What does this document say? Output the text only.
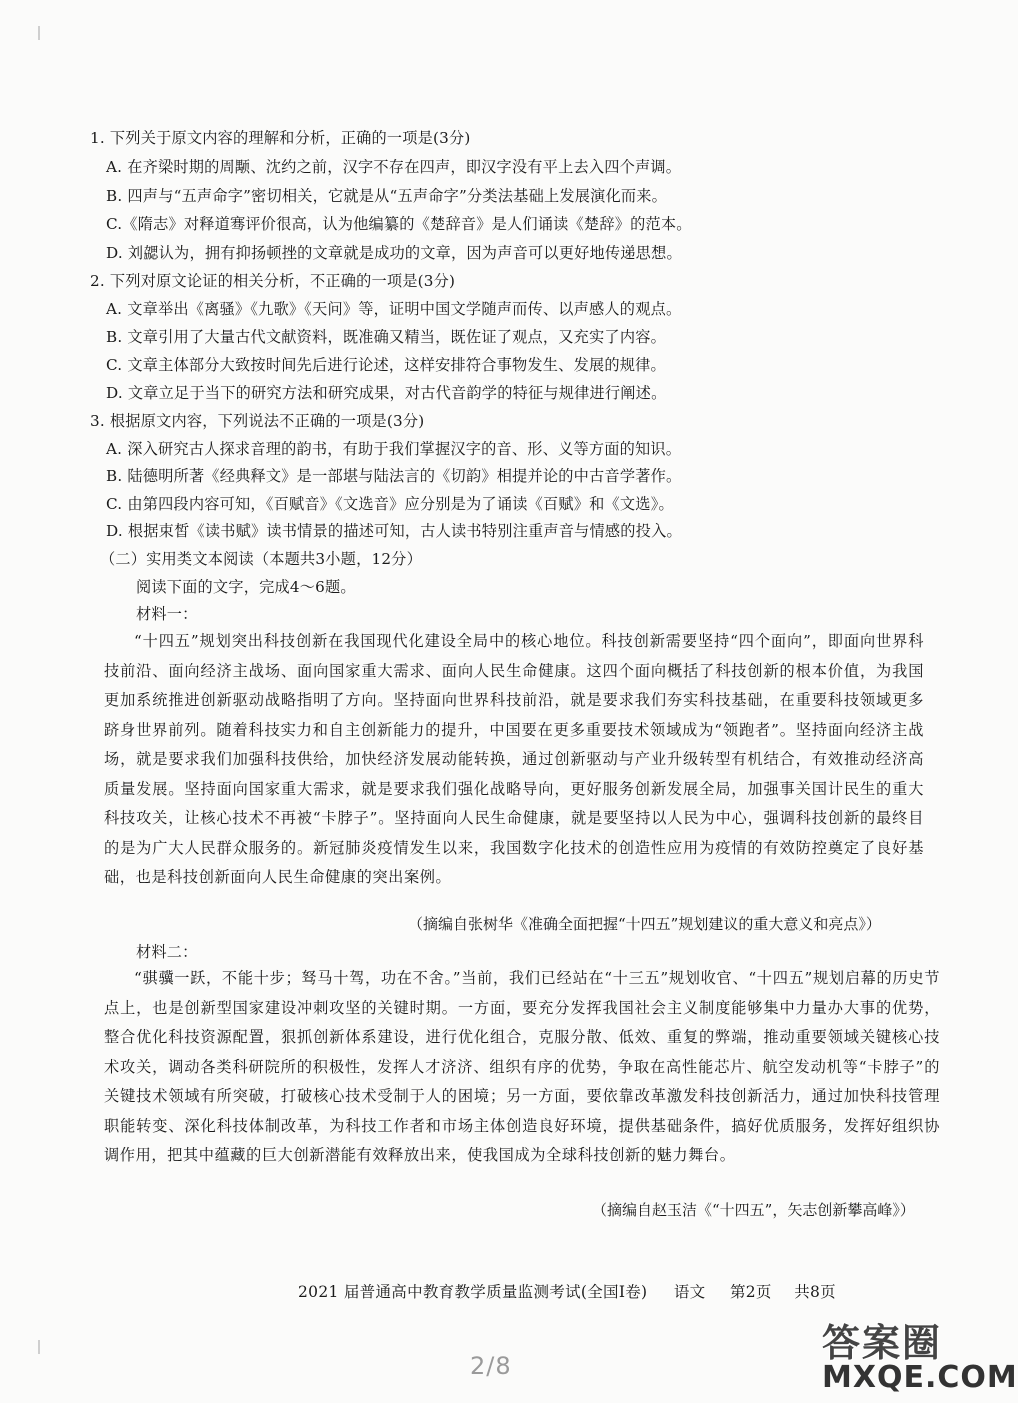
1. 下列关于原文内容的理解和分析，正确的一项是(3分)
A. 在齐梁时期的周颙、沈约之前，汉字不存在四声，即汉字没有平上去入四个声调。
B. 四声与“五声命字”密切相关，它就是从“五声命字”分类法基础上发展演化而来。
C.《隋志》对释道骞评价很高，认为他编纂的《楚辞音》是人们诵读《楚辞》的范本。
D. 刘勰认为，拥有抑扬顿挫的文章就是成功的文章，因为声音可以更好地传递思想。
2. 下列对原文论证的相关分析，不正确的一项是(3分)
A. 文章举出《离骚》《九歌》《天问》等，证明中国文学随声而传、以声感人的观点。
B. 文章引用了大量古代文献资料，既准确又精当，既佐证了观点，又充实了内容。
C. 文章主体部分大致按时间先后进行论述，这样安排符合事物发生、发展的规律。
D. 文章立足于当下的研究方法和研究成果，对古代音韵学的特征与规律进行阐述。
3. 根据原文内容，下列说法不正确的一项是(3分)
A. 深入研究古人探求音理的韵书，有助于我们掌握汉字的音、形、义等方面的知识。
B. 陆德明所著《经典释文》是一部堪与陆法言的《切韵》相提并论的中古音学著作。
C. 由第四段内容可知，《百赋音》《文选音》应分别是为了诵读《百赋》和《文选》。
D. 根据束皙《读书赋》读书情景的描述可知，古人读书特别注重声音与情感的投入。
（二）实用类文本阅读（本题共3小题，12分）
阅读下面的文字，完成4～6题。
材料一：
“十四五”规划突出科技创新在我国现代化建设全局中的核心地位。科技创新需要坚持“四个面向”，即面向世界科技前沿、面向经济主战场、面向国家重大需求、面向人民生命健康。这四个面向概括了科技创新的根本价值，为我国更加系统推进创新驱动战略指明了方向。坚持面向世界科技前沿，就是要求我们夯实科技基础，在重要科技领域更多跻身世界前列。随着科技实力和自主创新能力的提升，中国要在更多重要技术领域成为“领跑者”。坚持面向经济主战场，就是要求我们加强科技供给，加快经济发展动能转换，通过创新驱动与产业升级转型有机结合，有效推动经济高质量发展。坚持面向国家重大需求，就是要求我们强化战略导向，更好服务创新发展全局，加强事关国计民生的重大科技攻关，让核心技术不再被“卡脖子”。坚持面向人民生命健康，就是要坚持以人民为中心，强调科技创新的最终目的是为广大人民群众服务的。新冠肺炎疫情发生以来，我国数字化技术的创造性应用为疫情的有效防控奠定了良好基础，也是科技创新面向人民生命健康的突出案例。
（摘编自张树华《准确全面把握“十四五”规划建议的重大意义和亮点》）
材料二：
“骐骥一跃，不能十步；驽马十驾，功在不舍。”当前，我们已经站在“十三五”规划收官、“十四五”规划启幕的历史节点上，也是创新型国家建设冲刺攻坚的关键时期。一方面，要充分发挥我国社会主义制度能够集中力量办大事的优势，整合优化科技资源配置，狠抓创新体系建设，进行优化组合，克服分散、低效、重复的弊端，推动重要领域关键核心技术攻关，调动各类科研院所的积极性，发挥人才济济、组织有序的优势，争取在高性能芯片、航空发动机等“卡脖子”的关键技术领域有所突破，打破核心技术受制于人的困境；另一方面，要依靠改革激发科技创新活力，通过加快科技管理职能转变、深化科技体制改革，为科技工作者和市场主体创造良好环境，提供基础条件，搞好优质服务，发挥好组织协调作用，把其中蕴藏的巨大创新潜能有效释放出来，使我国成为全球科技创新的魅力舞台。
（摘编自赵玉洁《“十四五”，矢志创新攀高峰》）
2021 届普通高中教育教学质量监测考试(全国Ⅰ卷) 语文 第2页 共8页
2/8
答案圈
MXQE.COM
